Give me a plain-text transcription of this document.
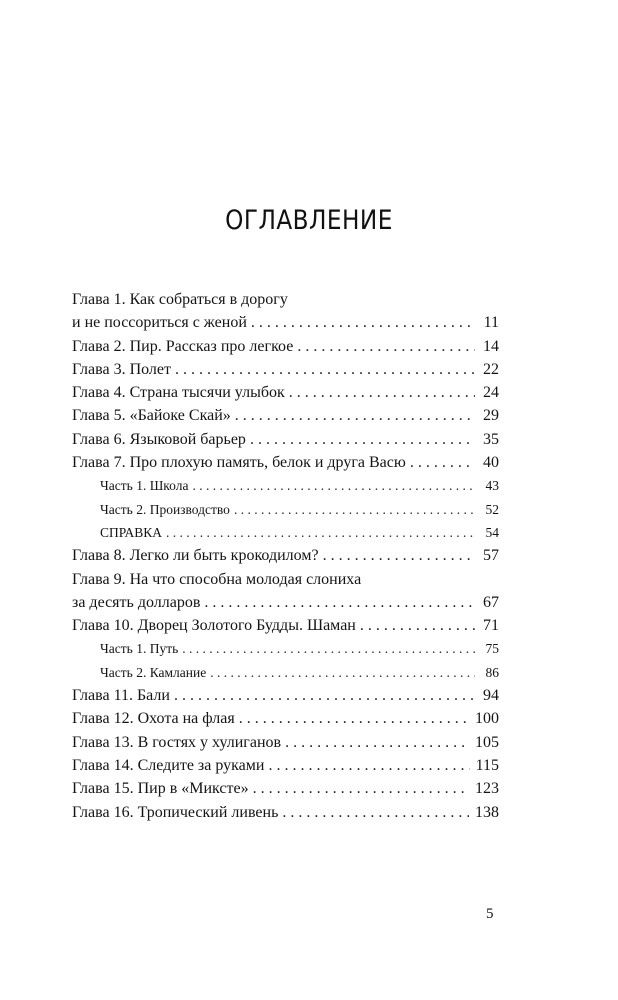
ОГЛАВЛЕНИЕ
Глава 1. Как собраться в дорогу
и не поссориться с женой . . .	11
Глава 2. Пир. Рассказ про легкое . . .	14
Глава 3. Полет . . .	22
Глава 4. Страна тысячи улыбок . . .	24
Глава 5. «Байоке Скай» . . .	29
Глава 6. Языковой барьер . . .	35
Глава 7. Про плохую память, белок и друга Васю . . .	40
Часть 1. Школа . . .	43
Часть 2. Производство . . .	52
СПРАВКА . . .	54
Глава 8. Легко ли быть крокодилом? . . .	57
Глава 9. На что способна молодая слониха
за десять долларов . . .	67
Глава 10. Дворец Золотого Будды. Шаман . . .	71
Часть 1. Путь . . .	75
Часть 2. Камлание . . .	86
Глава 11. Бали . . .	94
Глава 12. Охота на флая . . .	100
Глава 13. В гостях у хулиганов . . .	105
Глава 14. Следите за руками . . .	115
Глава 15. Пир в «Миксте» . . .	123
Глава 16. Тропический ливень . . .	138
5
